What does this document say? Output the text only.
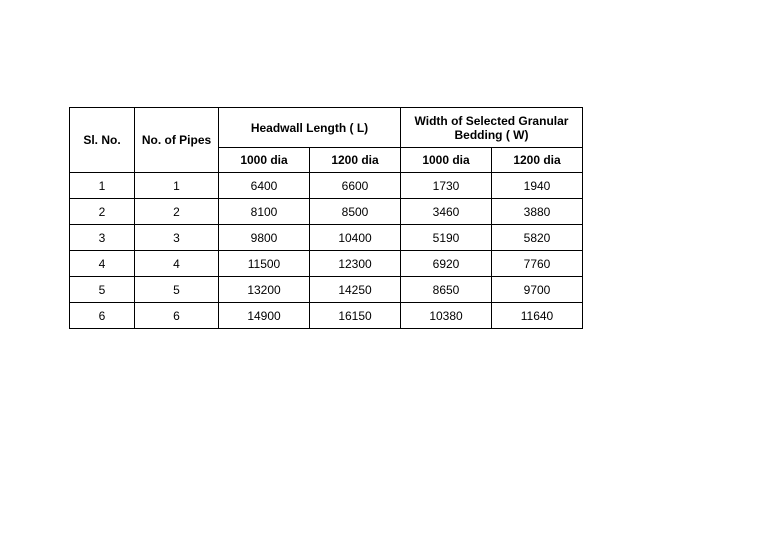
Sl. No.	No. of Pipes	Headwall Length ( L)		Width of Selected Granular Bedding ( W)	
		1000 dia	1200 dia	1000 dia	1200 dia
1	1	6400	6600	1730	1940
2	2	8100	8500	3460	3880
3	3	9800	10400	5190	5820
4	4	11500	12300	6920	7760
5	5	13200	14250	8650	9700
6	6	14900	16150	10380	11640
